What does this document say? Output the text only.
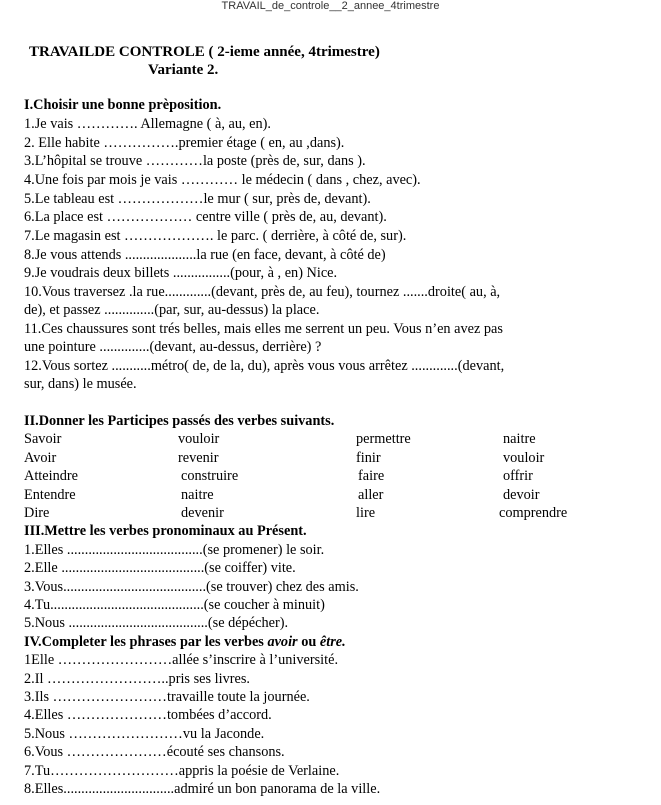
TRAVAIL_de_controle__2_annee_4trimestre
TRAVAILDE CONTROLE ( 2-ieme année, 4trimestre)
Variante 2.
I.Choisir une bonne prèposition.
1.Je vais …………. Allemagne ( à, au, en).
2. Elle habite …………….premier étage ( en, au ,dans).
3.L’hôpital se trouve …………la poste (près de, sur, dans ).
4.Une fois par mois je vais ………… le médecin ( dans , chez, avec).
5.Le tableau est ………………le mur ( sur, près de, devant).
6.La place est ……………… centre ville ( près de, au, devant).
7.Le magasin est ………………. le parc. ( derrière, à côté de, sur).
8.Je vous attends ....................la rue (en face, devant, à côté de)
9.Je voudrais deux billets ................(pour, à , en) Nice.
10.Vous traversez .la rue.............(devant, près de, au feu), tournez .......droite( au, à,
de), et passez ..............(par, sur, au-dessus) la place.
11.Ces chaussures sont trés belles, mais elles me serrent un peu. Vous n’en avez pas
une pointure ..............(devant, au-dessus, derrière) ?
12.Vous sortez ...........métro( de, de la, du), après vous vous arrêtez .............(devant,
sur, dans) le musée.
II.Donner les Participes passés des verbes suivants.
Savoir	vouloir	permettre	naitre
Avoir	revenir	finir	vouloir
Atteindre	construire	faire	offrir
Entendre	naitre	aller	devoir
Dire	devenir	lire	comprendre
III.Mettre les verbes pronominaux au Présent.
1.Elles ......................................(se promener) le soir.
2.Elle ........................................(se coiffer) vite.
3.Vous........................................(se trouver) chez des amis.
4.Tu...........................................(se coucher à minuit)
5.Nous .......................................(se dépécher).
IV.Completer les phrases par les verbes avoir ou être.
1Elle ……………………allée s’inscrire à l’université.
2.Il ……………………..pris ses livres.
3.Ils ……………………travaille toute la journée.
4.Elles …………………tombées d’accord.
5.Nous ……………………vu la Jaconde.
6.Vous …………………écouté ses chansons.
7.Tu………………………appris la poésie de Verlaine.
8.Elles...............................admiré un bon panorama de la ville.
